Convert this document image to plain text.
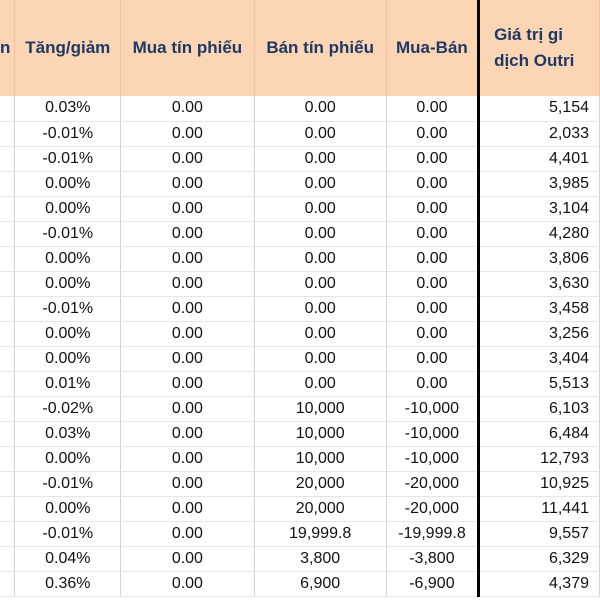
n	Tăng/giảm	Mua tín phiếu	Bán tín phiếu	Mua-Bán	Giá trị gi
dịch Outri

	0.03%	0.00	0.00	0.00	5,154
	-0.01%	0.00	0.00	0.00	2,033
	-0.01%	0.00	0.00	0.00	4,401
	0.00%	0.00	0.00	0.00	3,985
	0.00%	0.00	0.00	0.00	3,104
	-0.01%	0.00	0.00	0.00	4,280
	0.00%	0.00	0.00	0.00	3,806
	0.00%	0.00	0.00	0.00	3,630
	-0.01%	0.00	0.00	0.00	3,458
	0.00%	0.00	0.00	0.00	3,256
	0.00%	0.00	0.00	0.00	3,404
	0.01%	0.00	0.00	0.00	5,513
	-0.02%	0.00	10,000	-10,000	6,103
	0.03%	0.00	10,000	-10,000	6,484
	0.00%	0.00	10,000	-10,000	12,793
	-0.01%	0.00	20,000	-20,000	10,925
	0.00%	0.00	20,000	-20,000	11,441
	-0.01%	0.00	19,999.8	-19,999.8	9,557
	0.04%	0.00	3,800	-3,800	6,329
	0.36%	0.00	6,900	-6,900	4,379
